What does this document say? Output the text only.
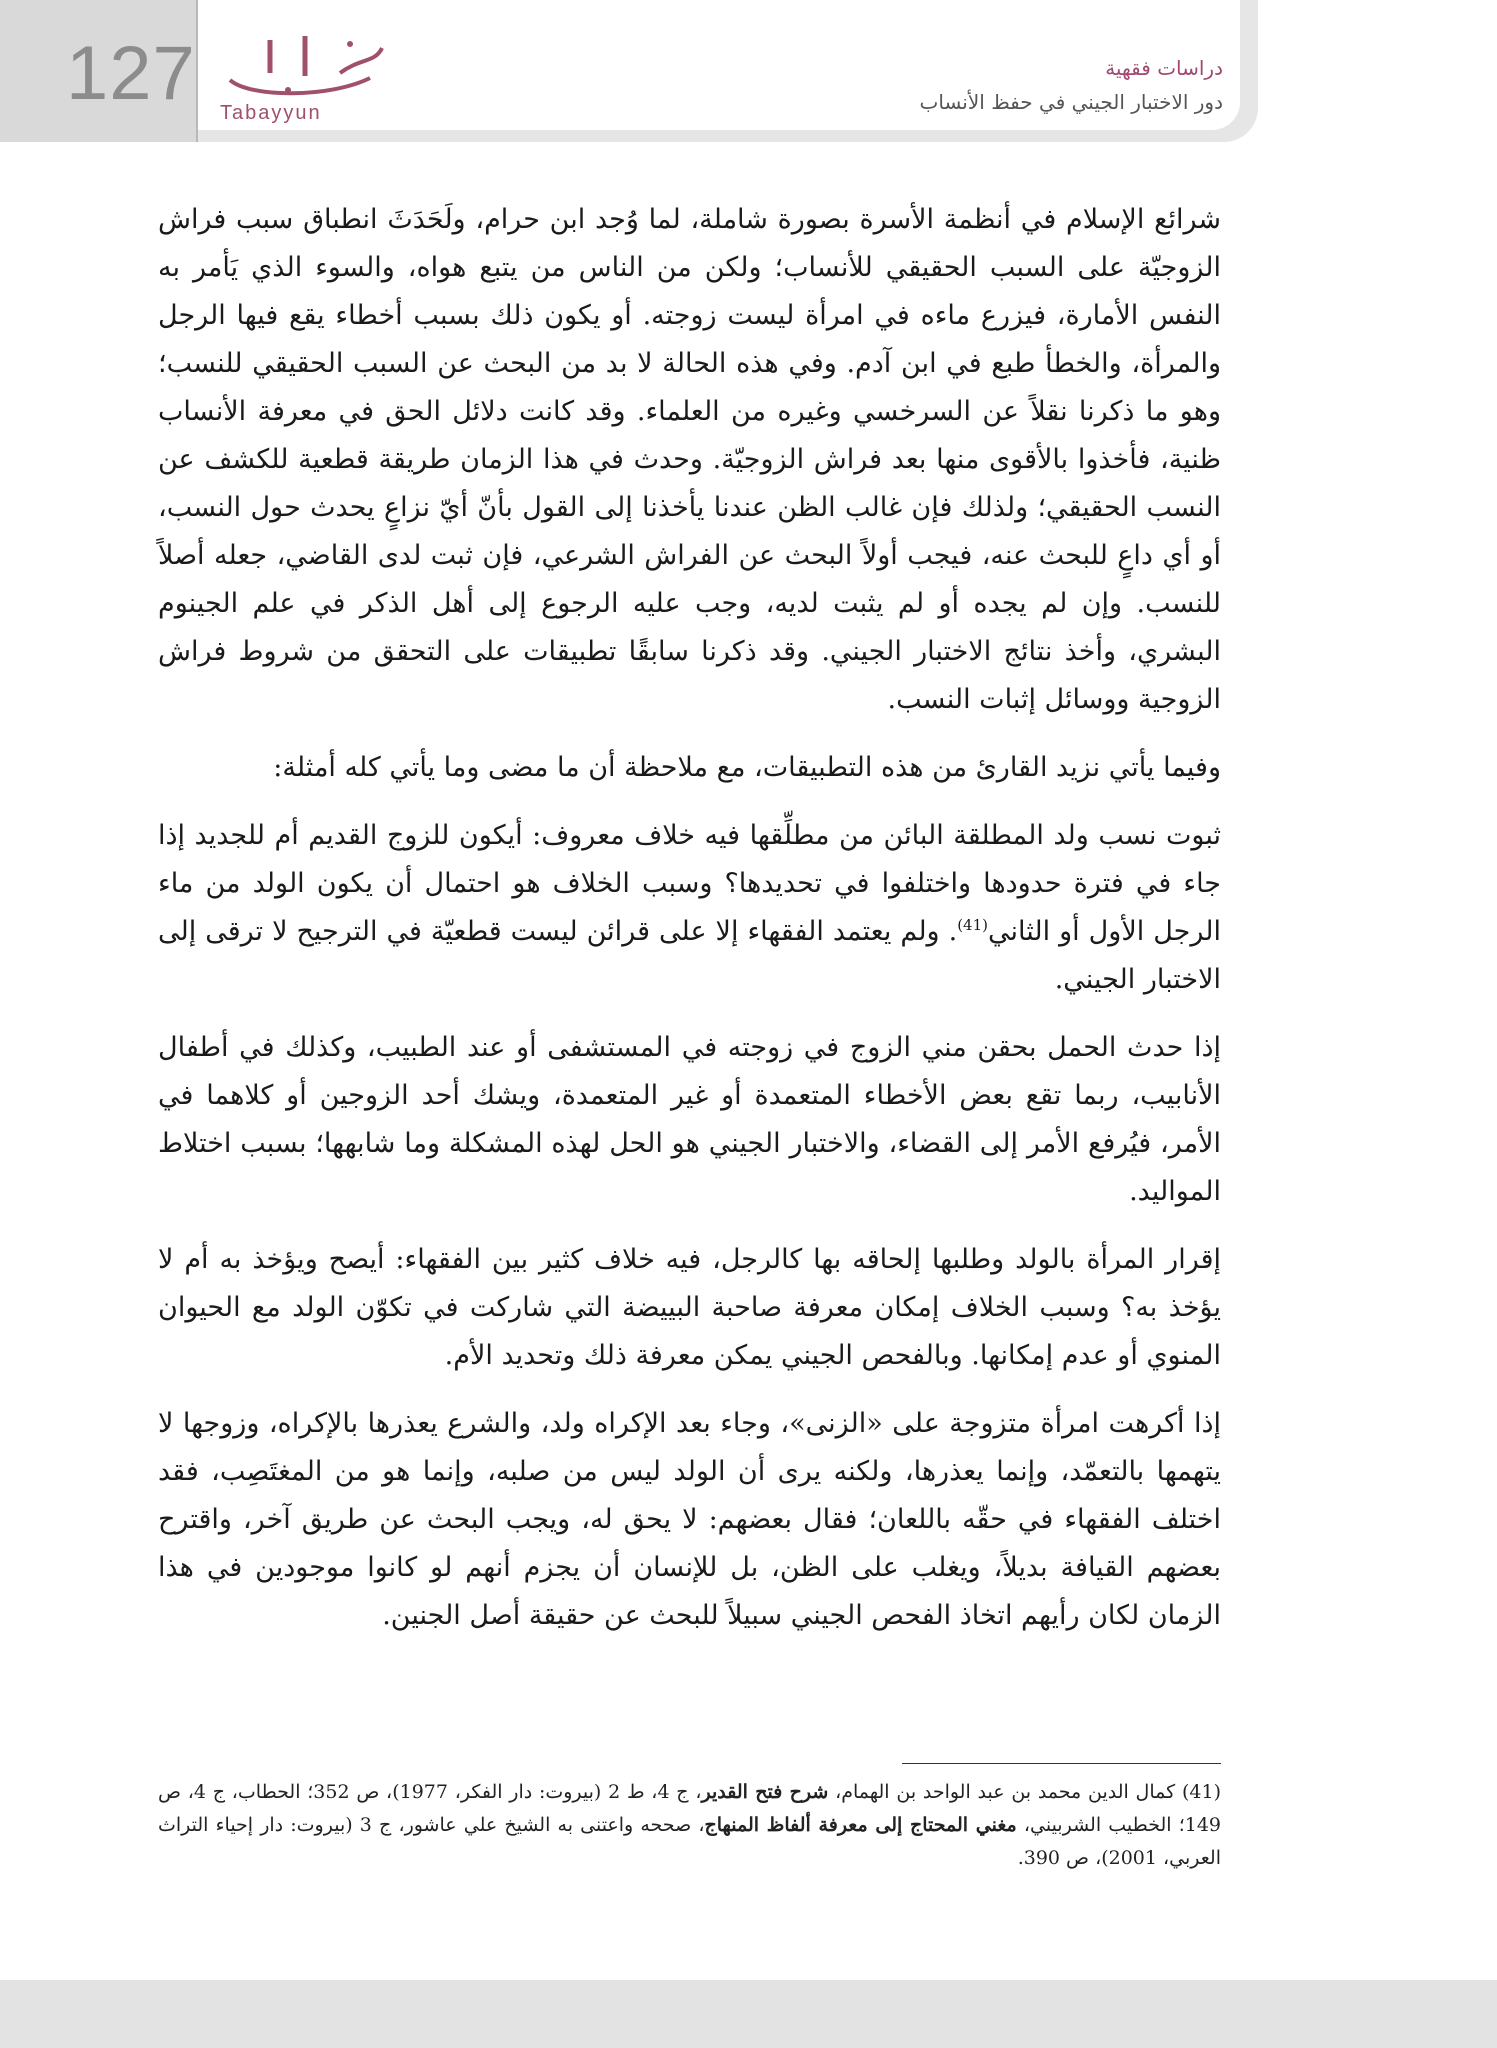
127 Tabayyun
دراسات فقهية
دور الاختبار الجيني في حفظ الأنساب

شرائع الإسلام في أنظمة الأسرة بصورة شاملة، لما وُجد ابن حرام، ولَحَدَثَ انطباق سبب فراش الزوجيّة على السبب الحقيقي للأنساب؛ ولكن من الناس من يتبع هواه، والسوء الذي يَأمر به النفس الأمارة، فيزرع ماءه في امرأة ليست زوجته. أو يكون ذلك بسبب أخطاء يقع فيها الرجل والمرأة، والخطأ طبع في ابن آدم. وفي هذه الحالة لا بد من البحث عن السبب الحقيقي للنسب؛ وهو ما ذكرنا نقلاً عن السرخسي وغيره من العلماء. وقد كانت دلائل الحق في معرفة الأنساب ظنية، فأخذوا بالأقوى منها بعد فراش الزوجيّة. وحدث في هذا الزمان طريقة قطعية للكشف عن النسب الحقيقي؛ ولذلك فإن غالب الظن عندنا يأخذنا إلى القول بأنّ أيّ نزاعٍ يحدث حول النسب، أو أي داعٍ للبحث عنه، فيجب أولاً البحث عن الفراش الشرعي، فإن ثبت لدى القاضي، جعله أصلاً للنسب. وإن لم يجده أو لم يثبت لديه، وجب عليه الرجوع إلى أهل الذكر في علم الجينوم البشري، وأخذ نتائج الاختبار الجيني. وقد ذكرنا سابقًا تطبيقات على التحقق من شروط فراش الزوجية ووسائل إثبات النسب.

وفيما يأتي نزيد القارئ من هذه التطبيقات، مع ملاحظة أن ما مضى وما يأتي كله أمثلة:

ثبوت نسب ولد المطلقة البائن من مطلِّقها فيه خلاف معروف: أيكون للزوج القديم أم للجديد إذا جاء في فترة حدودها واختلفوا في تحديدها؟ وسبب الخلاف هو احتمال أن يكون الولد من ماء الرجل الأول أو الثاني$^{(41)}$. ولم يعتمد الفقهاء إلا على قرائن ليست قطعيّة في الترجيح لا ترقى إلى الاختبار الجيني.

إذا حدث الحمل بحقن مني الزوج في زوجته في المستشفى أو عند الطبيب، وكذلك في أطفال الأنابيب، ربما تقع بعض الأخطاء المتعمدة أو غير المتعمدة، ويشك أحد الزوجين أو كلاهما في الأمر، فيُرفع الأمر إلى القضاء، والاختبار الجيني هو الحل لهذه المشكلة وما شابهها؛ بسبب اختلاط المواليد.

إقرار المرأة بالولد وطلبها إلحاقه بها كالرجل، فيه خلاف كثير بين الفقهاء: أيصح ويؤخذ به أم لا يؤخذ به؟ وسبب الخلاف إمكان معرفة صاحبة البييضة التي شاركت في تكوّن الولد مع الحيوان المنوي أو عدم إمكانها. وبالفحص الجيني يمكن معرفة ذلك وتحديد الأم.

إذا أكرهت امرأة متزوجة على «الزنى»، وجاء بعد الإكراه ولد، والشرع يعذرها بالإكراه، وزوجها لا يتهمها بالتعمّد، وإنما يعذرها، ولكنه يرى أن الولد ليس من صلبه، وإنما هو من المغتَصِب، فقد اختلف الفقهاء في حقّه باللعان؛ فقال بعضهم: لا يحق له، ويجب البحث عن طريق آخر، واقترح بعضهم القيافة بديلاً، ويغلب على الظن، بل للإنسان أن يجزم أنهم لو كانوا موجودين في هذا الزمان لكان رأيهم اتخاذ الفحص الجيني سبيلاً للبحث عن حقيقة أصل الجنين.

(41) كمال الدين محمد بن عبد الواحد بن الهمام، شرح فتح القدير، ج 4، ط 2 (بيروت: دار الفكر، 1977)، ص 352؛ الحطاب، ج 4، ص 149؛ الخطيب الشربيني، مغني المحتاج إلى معرفة ألفاظ المنهاج، صححه واعتنى به الشيخ علي عاشور، ج 3 (بيروت: دار إحياء التراث العربي، 2001)، ص 390.
